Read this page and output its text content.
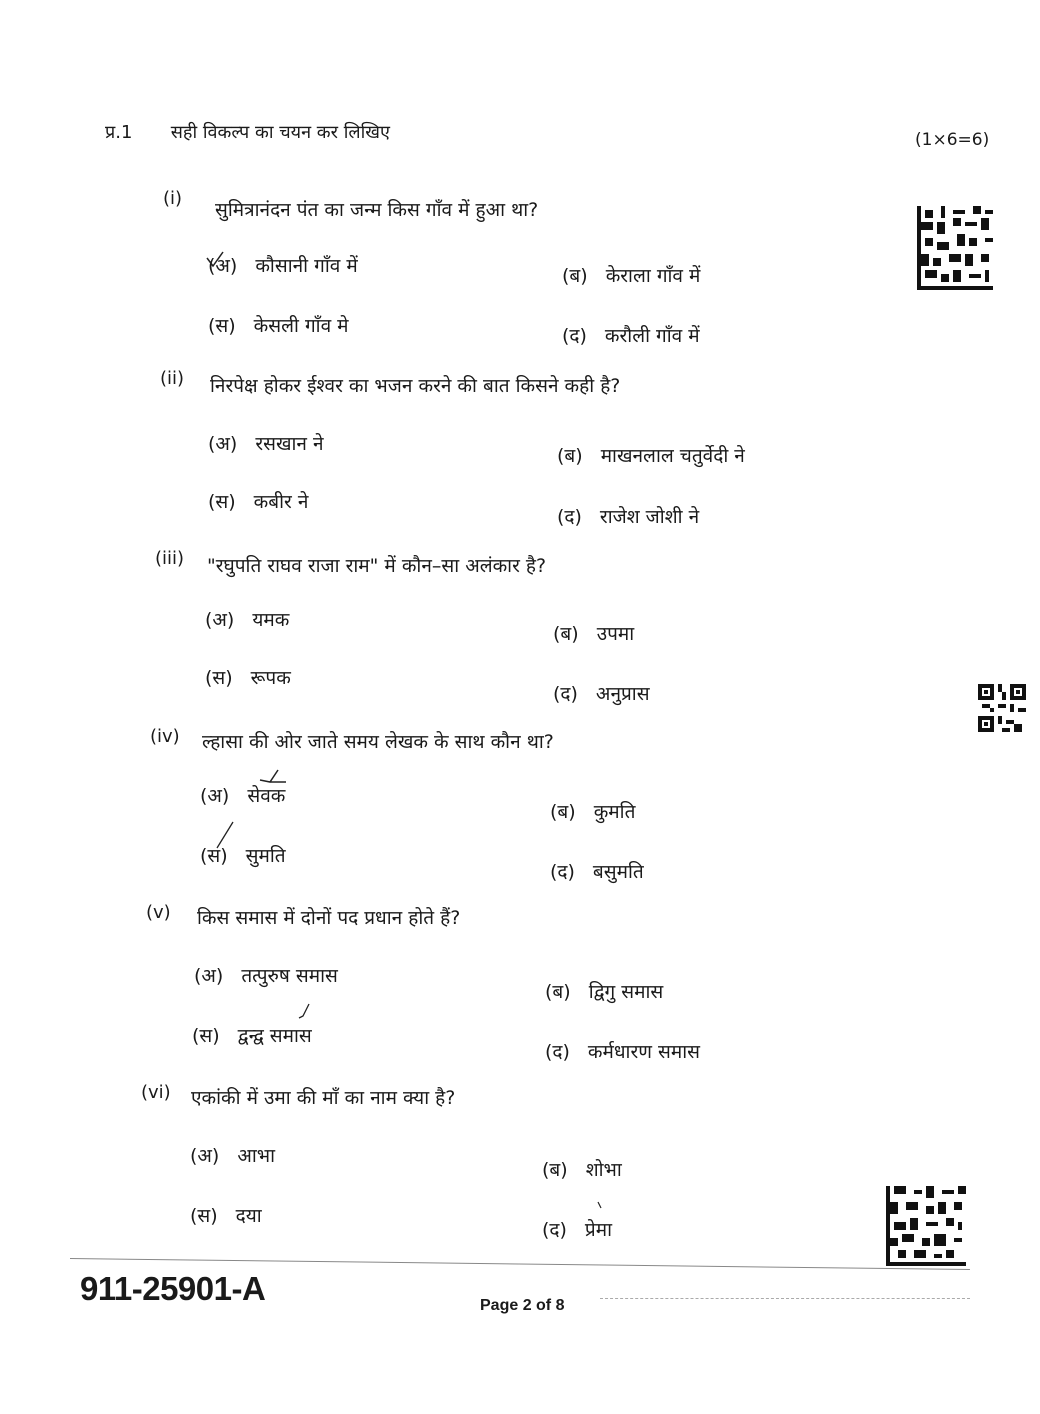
प्र.1 सही विकल्प का चयन कर लिखिए	(1×6=6)
(i)
सुमित्रानंदन पंत का जन्म किस गाँव में हुआ था?
(अ) कौसानी गाँव में	(ब) केराला गाँव में
(स) केसली गाँव मे	(द) करौली गाँव में
(ii) निरपेक्ष होकर ईश्वर का भजन करने की बात किसने कही है?
(अ) रसखान ने
(ब) माखनलाल चतुर्वेदी ने
(स) कबीर ने
(द) राजेश जोशी ने
(iii) "रघुपति राघव राजा राम" में कौन–सा अलंकार है?
(अ) यमक
(ब) उपमा
(स) रूपक
(द) अनुप्रास
(iv) ल्हासा की ओर जाते समय लेखक के साथ कौन था?
(अ) सेवक
(ब) कुमति
(स) सुमति
(द) बसुमति
(v) किस समास में दोनों पद प्रधान होते हैं?
(अ) तत्पुरुष समास
(ब) द्विगु समास
(स) द्वन्द्व समास
(द) कर्मधारण समास
(vi) एकांकी में उमा की माँ का नाम क्या है?
(अ) आभा
(ब) शोभा
(स) दया
(द) प्रेमा
911-25901-A	Page 2 of 8
